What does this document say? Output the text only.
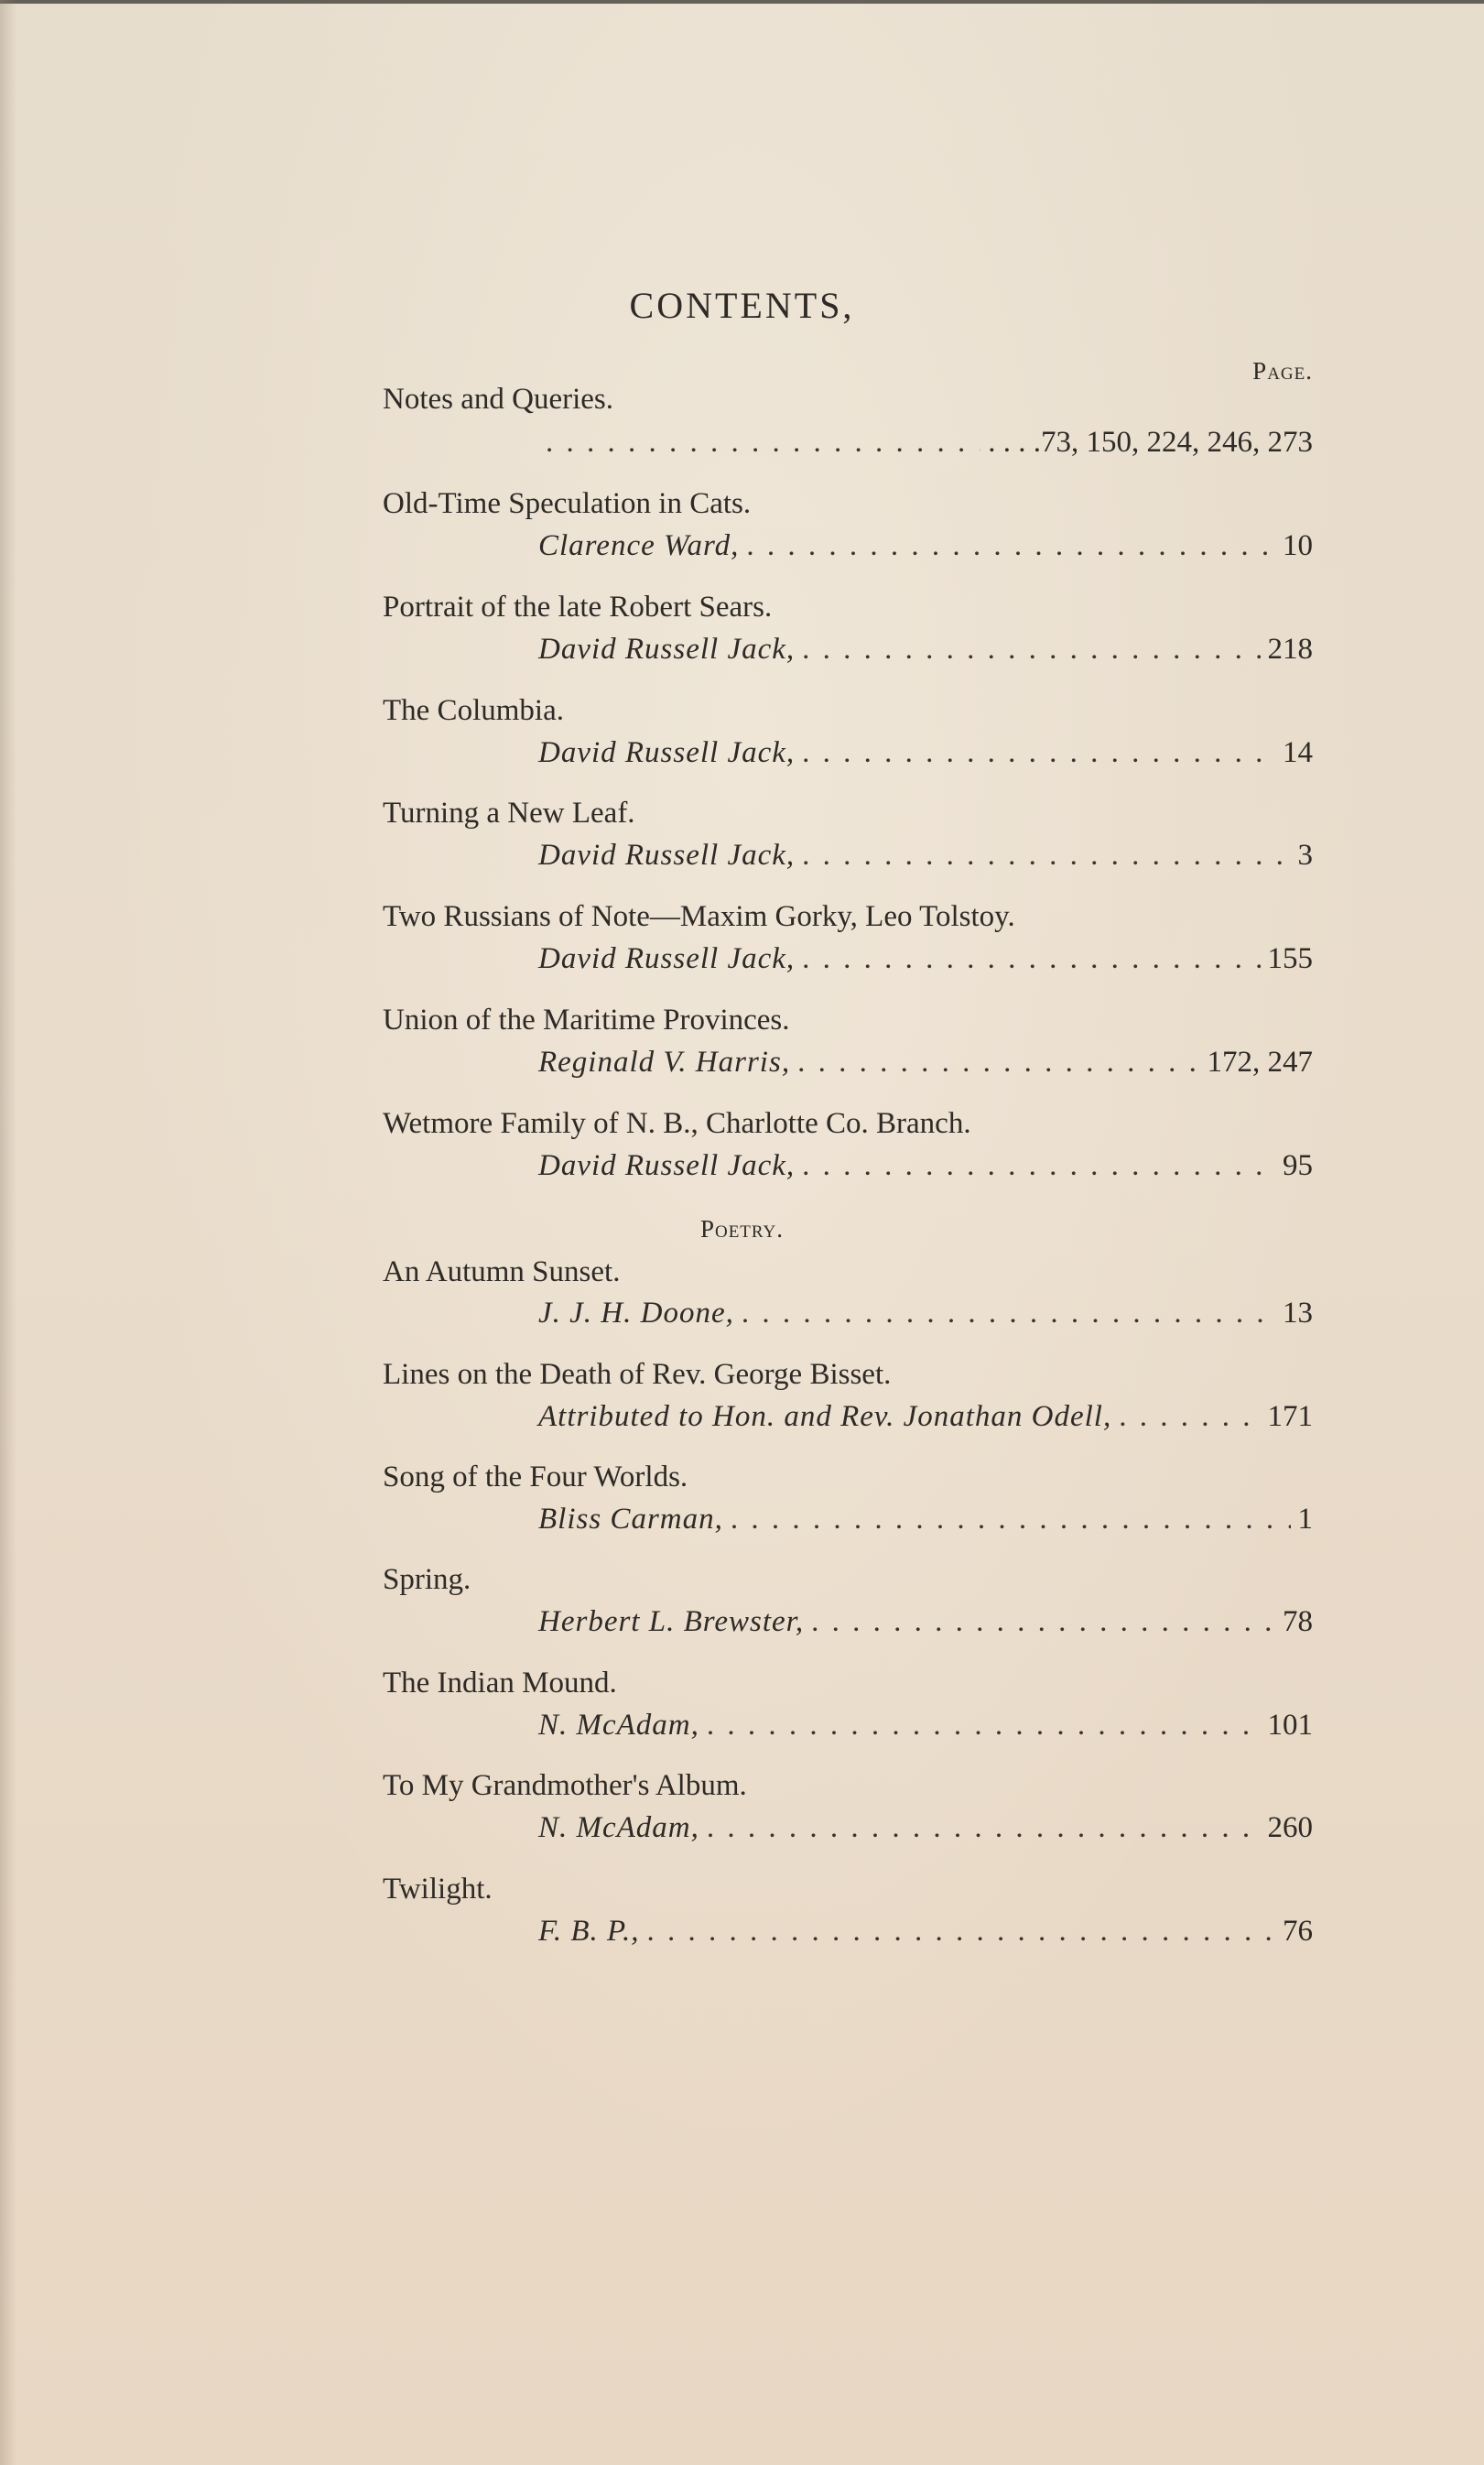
CONTENTS,
Page.
Notes and Queries.
. . .
. . . .73, 150, 224, 246, 273
Old-Time Speculation in Cats.
Clarence Ward, . . .	10
Portrait of the late Robert Sears.
David Russell Jack, . . .	218
The Columbia.
David Russell Jack, . . .	14
Turning a New Leaf.
David Russell Jack, . . .	3
Two Russians of Note—Maxim Gorky, Leo Tolstoy.
David Russell Jack, . . .	155
Union of the Maritime Provinces.
Reginald V. Harris, . . .	172, 247
Wetmore Family of N. B., Charlotte Co. Branch.
David Russell Jack, . . .	95
Poetry.
An Autumn Sunset.
J. J. H. Doone, . . .	13
Lines on the Death of Rev. George Bisset.
Attributed to Hon. and Rev. Jonathan Odell, . . .	171
Song of the Four Worlds.
Bliss Carman, . . .	1
Spring.
Herbert L. Brewster, . . .	78
The Indian Mound.
N. McAdam, . . .	101
To My Grandmother's Album.
N. McAdam, . . .	260
Twilight.
F. B. P., . . .	76
